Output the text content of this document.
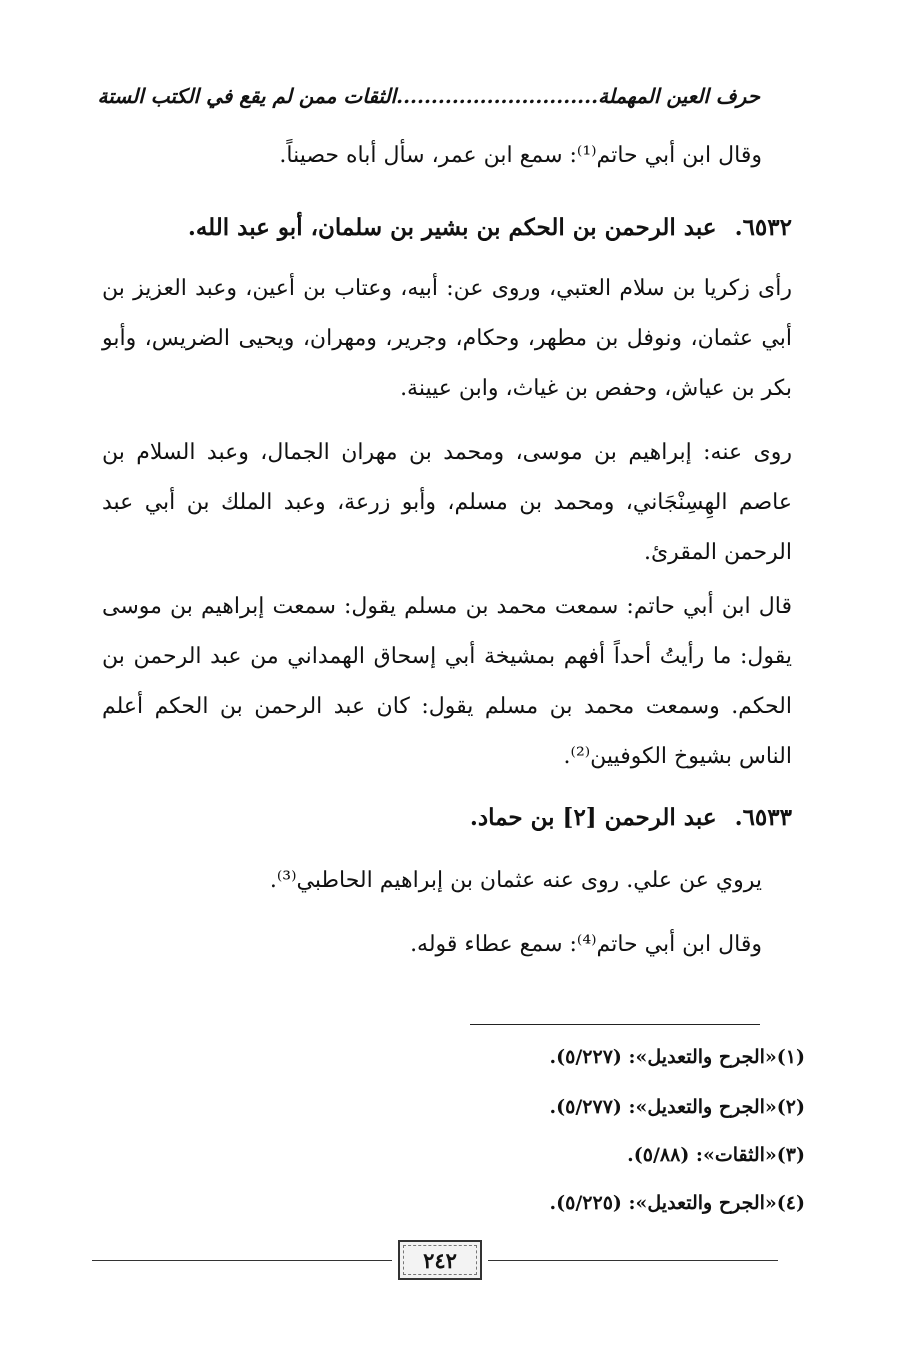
حرف العين المهملة.............................الثقات ممن لم يقع في الكتب الستة
وقال ابن أبي حاتم⁽¹⁾: سمع ابن عمر، سأل أباه حصيناً.
٦٥٣٢. عبد الرحمن بن الحكم بن بشير بن سلمان، أبو عبد الله.
رأى زكريا بن سلام العتبي، وروى عن: أبيه، وعتاب بن أعين، وعبد العزيز بن أبي عثمان، ونوفل بن مطهر، وحكام، وجرير، ومهران، ويحيى الضريس، وأبو بكر بن عياش، وحفص بن غياث، وابن عيينة.
روى عنه: إبراهيم بن موسى، ومحمد بن مهران الجمال، وعبد السلام بن عاصم الهِسِنْجَاني، ومحمد بن مسلم، وأبو زرعة، وعبد الملك بن أبي عبد الرحمن المقرئ.
قال ابن أبي حاتم: سمعت محمد بن مسلم يقول: سمعت إبراهيم بن موسى يقول: ما رأيتُ أحداً أفهم بمشيخة أبي إسحاق الهمداني من عبد الرحمن بن الحكم. وسمعت محمد بن مسلم يقول: كان عبد الرحمن بن الحكم أعلم الناس بشيوخ الكوفيين⁽²⁾.
٦٥٣٣. عبد الرحمن [٢] بن حماد.
يروي عن علي. روى عنه عثمان بن إبراهيم الحاطبي⁽³⁾.
وقال ابن أبي حاتم⁽⁴⁾: سمع عطاء قوله.
(١)«الجرح والتعديل»: (٥/٢٢٧).
(٢)«الجرح والتعديل»: (٥/٢٧٧).
(٣)«الثقات»: (٥/٨٨).
(٤)«الجرح والتعديل»: (٥/٢٢٥).
٢٤٢
